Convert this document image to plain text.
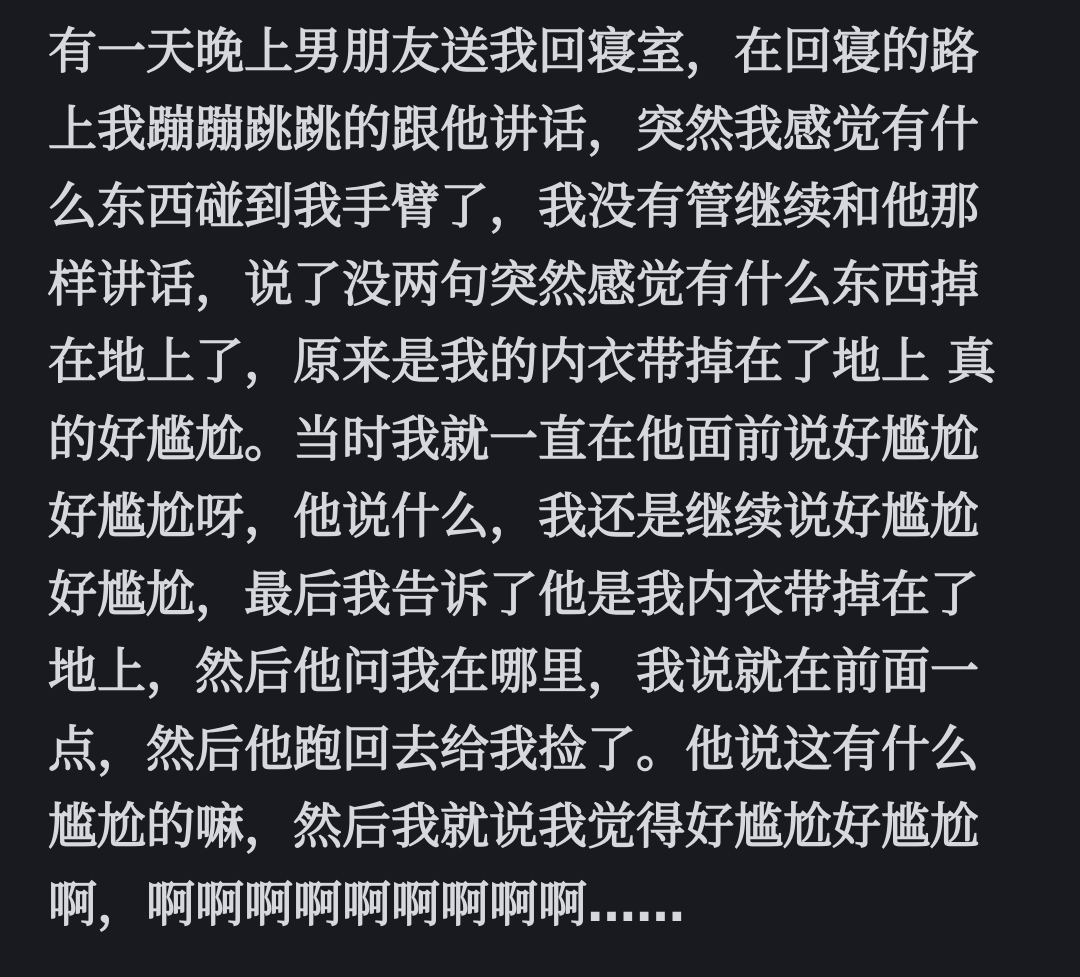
有一天晚上男朋友送我回寝室，在回寝的路
上我蹦蹦跳跳的跟他讲话，突然我感觉有什
么东西碰到我手臂了，我没有管继续和他那
样讲话，说了没两句突然感觉有什么东西掉
在地上了，原来是我的内衣带掉在了地上 真
的好尴尬。当时我就一直在他面前说好尴尬
好尴尬呀，他说什么，我还是继续说好尴尬
好尴尬，最后我告诉了他是我内衣带掉在了
地上，然后他问我在哪里，我说就在前面一
点，然后他跑回去给我捡了。他说这有什么
尴尬的嘛，然后我就说我觉得好尴尬好尴尬
啊，啊啊啊啊啊啊啊啊啊……
